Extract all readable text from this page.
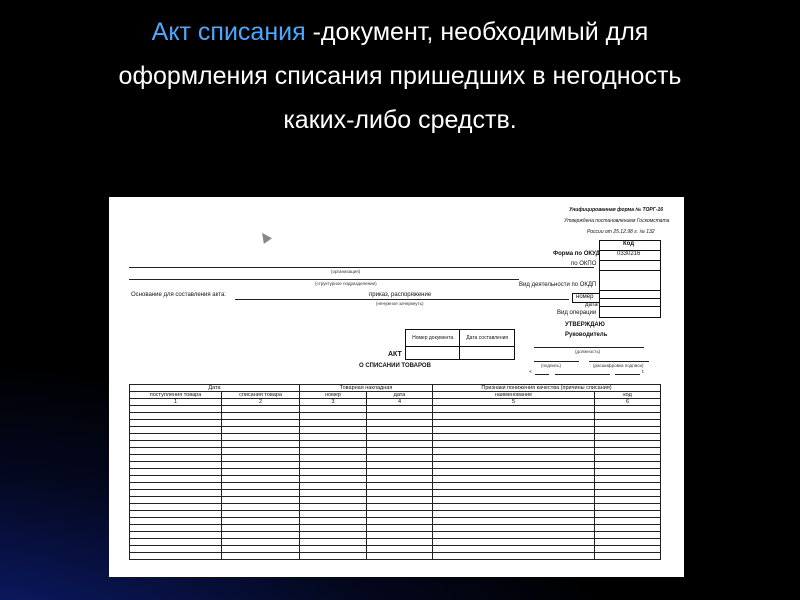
Акт списания -документ, необходимый для
оформления списания пришедших в негодность
каких-либо средств.
Унифицированная форма № ТОРГ-16
Утверждена постановлением Госкомстата
России от 25.12.98 г. № 132
Код
0330216
Форма по ОКУД
по ОКПО
Вид деятельности по ОКДП
номер
дата
Вид операции
(организация)
(структурное подразделение)
Основание для составления акта:	приказ, распоряжение
(ненужное зачеркнуть)
УТВЕРЖДАЮ
Руководитель
(должность)
(подпись)	(расшифровка подписи)
«	г.
Номер документа	Дата составления

АКТ
О СПИСАНИИ ТОВАРОВ
Дата		Товарная накладная		Признаки понижения качества (причины списания)	
поступления товара	списания товара	номер	дата	наименование	код
1	2	3	4	5	6
